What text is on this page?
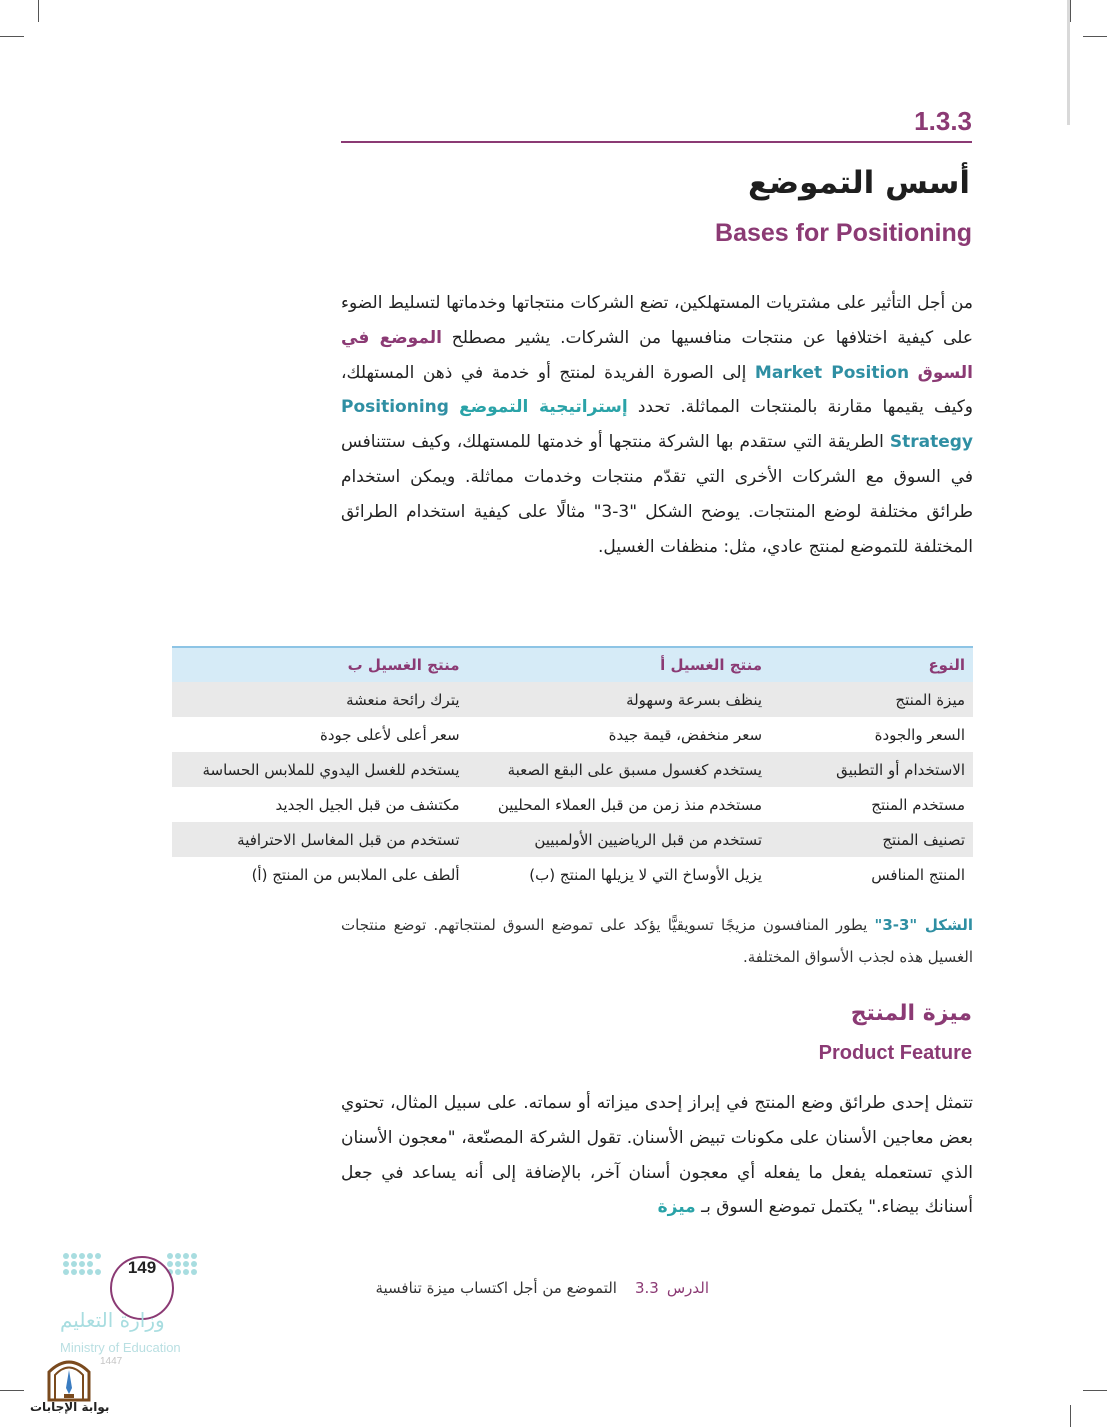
1.3.3
أسس التموضع
Bases for Positioning
من أجل التأثير على مشتريات المستهلكين، تضع الشركات منتجاتها وخدماتها لتسليط الضوء على كيفية اختلافها عن منتجات منافسيها من الشركات. يشير مصطلح الموضع في السوق Market Position إلى الصورة الفريدة لمنتج أو خدمة في ذهن المستهلك، وكيف يقيمها مقارنة بالمنتجات المماثلة. تحدد إستراتيجية التموضع Positioning Strategy الطريقة التي ستقدم بها الشركة منتجها أو خدمتها للمستهلك، وكيف ستتنافس في السوق مع الشركات الأخرى التي تقدّم منتجات وخدمات مماثلة. ويمكن استخدام طرائق مختلفة لوضع المنتجات. يوضح الشكل "3-3" مثالًا على كيفية استخدام الطرائق المختلفة للتموضع لمنتج عادي، مثل: منظفات الغسيل.
النوع	منتج الغسيل أ	منتج الغسيل ب
ميزة المنتج	ينظف بسرعة وسهولة	يترك رائحة منعشة
السعر والجودة	سعر منخفض، قيمة جيدة	سعر أعلى لأعلى جودة
الاستخدام أو التطبيق	يستخدم كغسول مسبق على البقع الصعبة	يستخدم للغسل اليدوي للملابس الحساسة
مستخدم المنتج	مستخدم منذ زمن من قبل العملاء المحليين	مكتشف من قبل الجيل الجديد
تصنيف المنتج	تستخدم من قبل الرياضيين الأولمبيين	تستخدم من قبل المغاسل الاحترافية
المنتج المنافس	يزيل الأوساخ التي لا يزيلها المنتج (ب)	ألطف على الملابس من المنتج (أ)
الشكل "3-3" يطور المنافسون مزيجًا تسويقيًّا يؤكد على تموضع السوق لمنتجاتهم. توضع منتجات الغسيل هذه لجذب الأسواق المختلفة.
ميزة المنتج
Product Feature
تتمثل إحدى طرائق وضع المنتج في إبراز إحدى ميزاته أو سماته. على سبيل المثال، تحتوي بعض معاجين الأسنان على مكونات تبيض الأسنان. تقول الشركة المصنّعة، "معجون الأسنان الذي تستعمله يفعل ما يفعله أي معجون أسنان آخر، بالإضافة إلى أنه يساعد في جعل أسنانك بيضاء." يكتمل تموضع السوق بـ ميزة
الدرس3.3التموضع من أجل اكتساب ميزة تنافسية
149
وزارة التعليم
Ministry of Education
1447
بوابة الإجابات
